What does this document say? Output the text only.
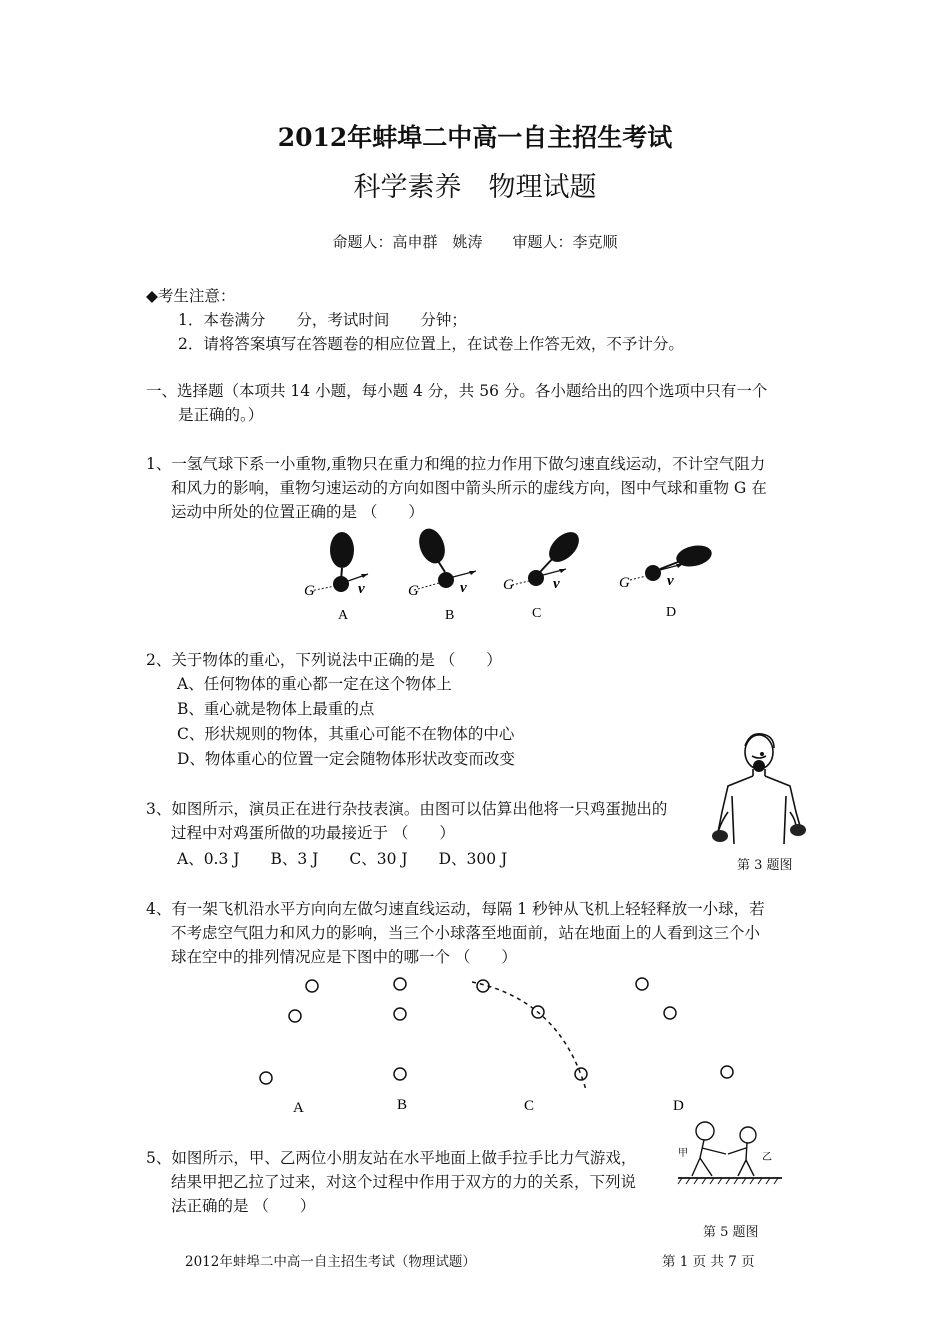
2012年蚌埠二中高一自主招生考试
科学素养　物理试题
命题人：高申群　姚涛　　审题人：李克顺
◆考生注意：
1．本卷满分　　分，考试时间　　分钟；
2．请将答案填写在答题卷的相应位置上，在试卷上作答无效，不予计分。
一、选择题（本项共 14 小题，每小题 4 分，共 56 分。各小题给出的四个选项中只有一个
是正确的。）
1、一氢气球下系一小重物,重物只在重力和绳的拉力作用下做匀速直线运动，不计空气阻力
和风力的影响，重物匀速运动的方向如图中箭头所示的虚线方向，图中气球和重物 G 在
运动中所处的位置正确的是 （　　）
G	v
A
G	v
B
G	v
C
G v
D
2、关于物体的重心，下列说法中正确的是 （　　）
A、任何物体的重心都一定在这个物体上
B、重心就是物体上最重的点
C、形状规则的物体，其重心可能不在物体的中心
D、物体重心的位置一定会随物体形状改变而改变
3、如图所示，演员正在进行杂技表演。由图可以估算出他将一只鸡蛋抛出的
过程中对鸡蛋所做的功最接近于 （　　）
A、0.3 J　　B、3 J　　C、30 J　　D、300 J	第 3 题图
4、有一架飞机沿水平方向向左做匀速直线运动，每隔 1 秒钟从飞机上轻轻释放一小球，若
不考虑空气阻力和风力的影响，当三个小球落至地面前，站在地面上的人看到这三个小
球在空中的排列情况应是下图中的哪一个 （　　）
A	B	C	D
5、如图所示，甲、乙两位小朋友站在水平地面上做手拉手比力气游戏，
结果甲把乙拉了过来，对这个过程中作用于双方的力的关系，下列说
法正确的是 （　　）
甲	乙
第 5 题图
2012年蚌埠二中高一自主招生考试（物理试题）	第 1 页 共 7 页
